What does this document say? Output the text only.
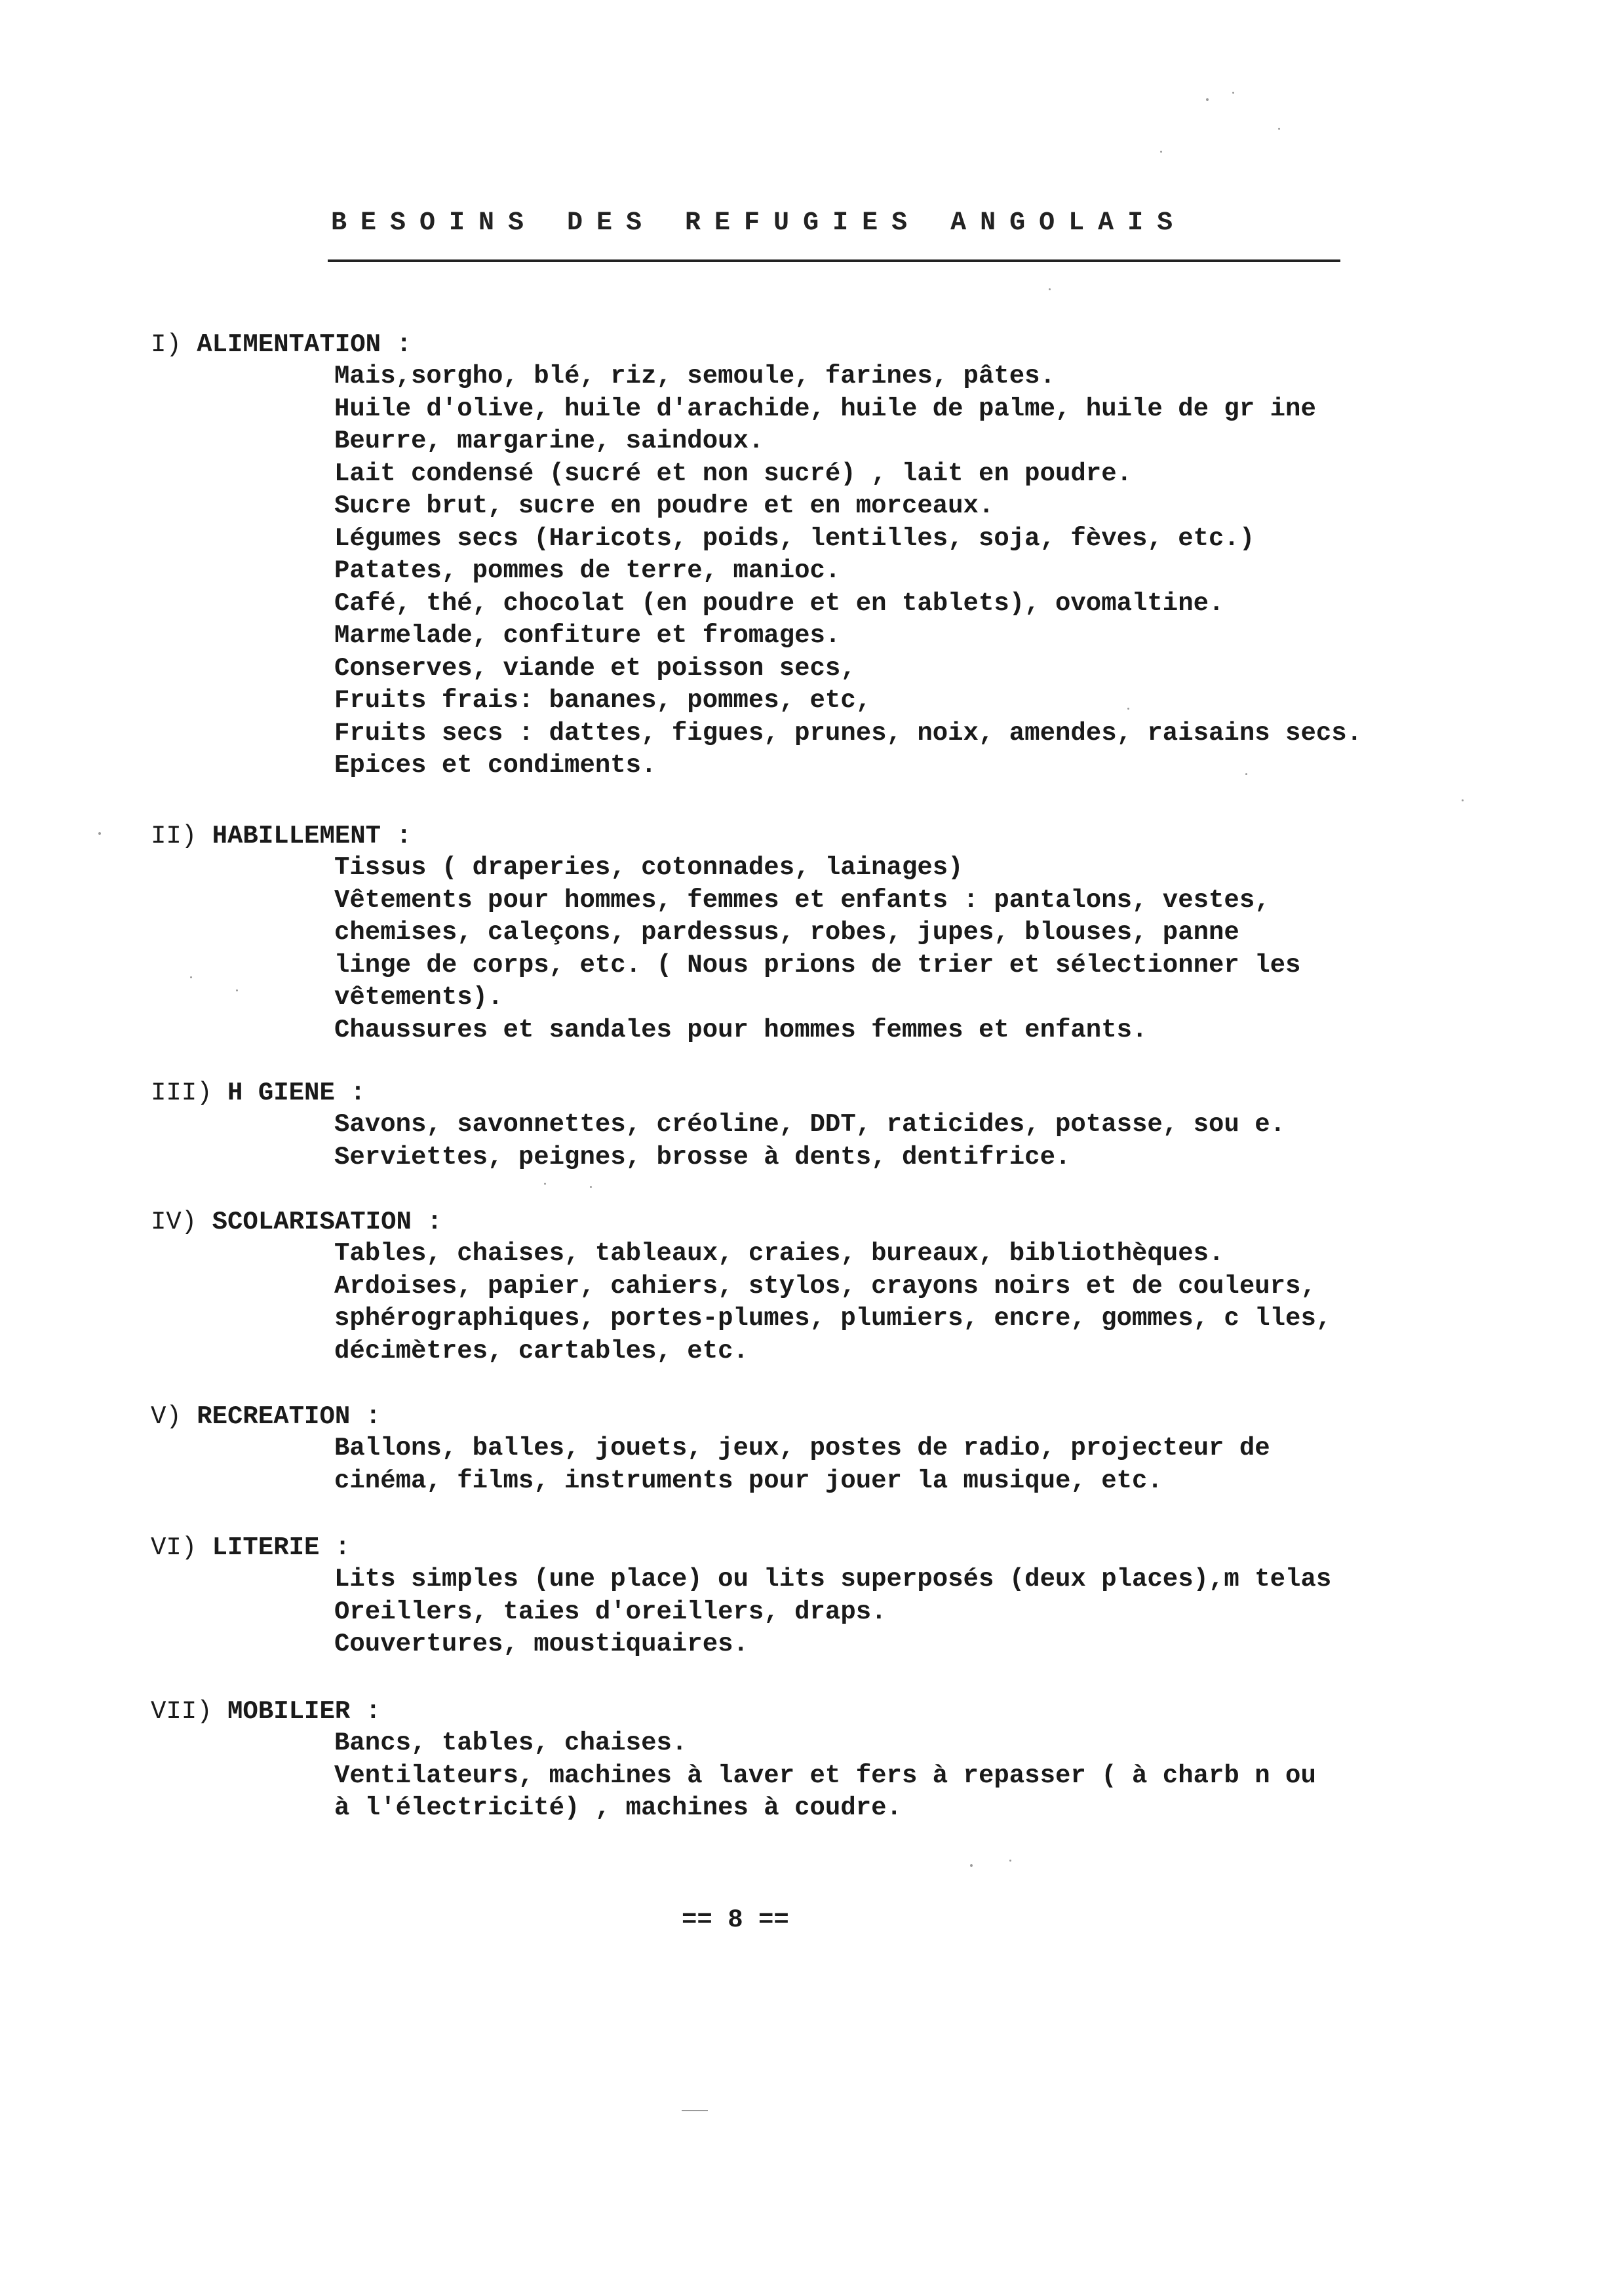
BESOINS DES REFUGIES ANGOLAIS
I) ALIMENTATION :
Mais,sorgho, blé, riz, semoule, farines, pâtes.
Huile d'olive, huile d'arachide, huile de palme, huile de gr ine
Beurre, margarine, saindoux.
Lait condensé (sucré et non sucré) , lait en poudre.
Sucre brut, sucre en poudre et en morceaux.
Légumes secs (Haricots, poids, lentilles, soja, fèves, etc.)
Patates, pommes de terre, manioc.
Café, thé, chocolat (en poudre et en tablets), ovomaltine.
Marmelade, confiture et fromages.
Conserves, viande et poisson secs,
Fruits frais: bananes, pommes, etc,
Fruits secs : dattes, figues, prunes, noix, amendes, raisains secs.
Epices et condiments.
II) HABILLEMENT :
Tissus ( draperies, cotonnades, lainages)
Vêtements pour hommes, femmes et enfants : pantalons, vestes,
chemises, caleçons, pardessus, robes, jupes, blouses, panne
linge de corps, etc. ( Nous prions de trier et sélectionner les
vêtements).
Chaussures et sandales pour hommes femmes et enfants.
III) H GIENE :
Savons, savonnettes, créoline, DDT, raticides, potasse, sou e.
Serviettes, peignes, brosse à dents, dentifrice.
IV) SCOLARISATION :
Tables, chaises, tableaux, craies, bureaux, bibliothèques.
Ardoises, papier, cahiers, stylos, crayons noirs et de couleurs,
sphérographiques, portes-plumes, plumiers, encre, gommes, c lles,
décimètres, cartables, etc.
V) RECREATION :
Ballons, balles, jouets, jeux, postes de radio, projecteur de
cinéma, films, instruments pour jouer la musique, etc.
VI) LITERIE :
Lits simples (une place) ou lits superposés (deux places),m telas
Oreillers, taies d'oreillers, draps.
Couvertures, moustiquaires.
VII) MOBILIER :
Bancs, tables, chaises.
Ventilateurs, machines à laver et fers à repasser ( à charb n ou
à l'électricité) , machines à coudre.
== 8 ==
